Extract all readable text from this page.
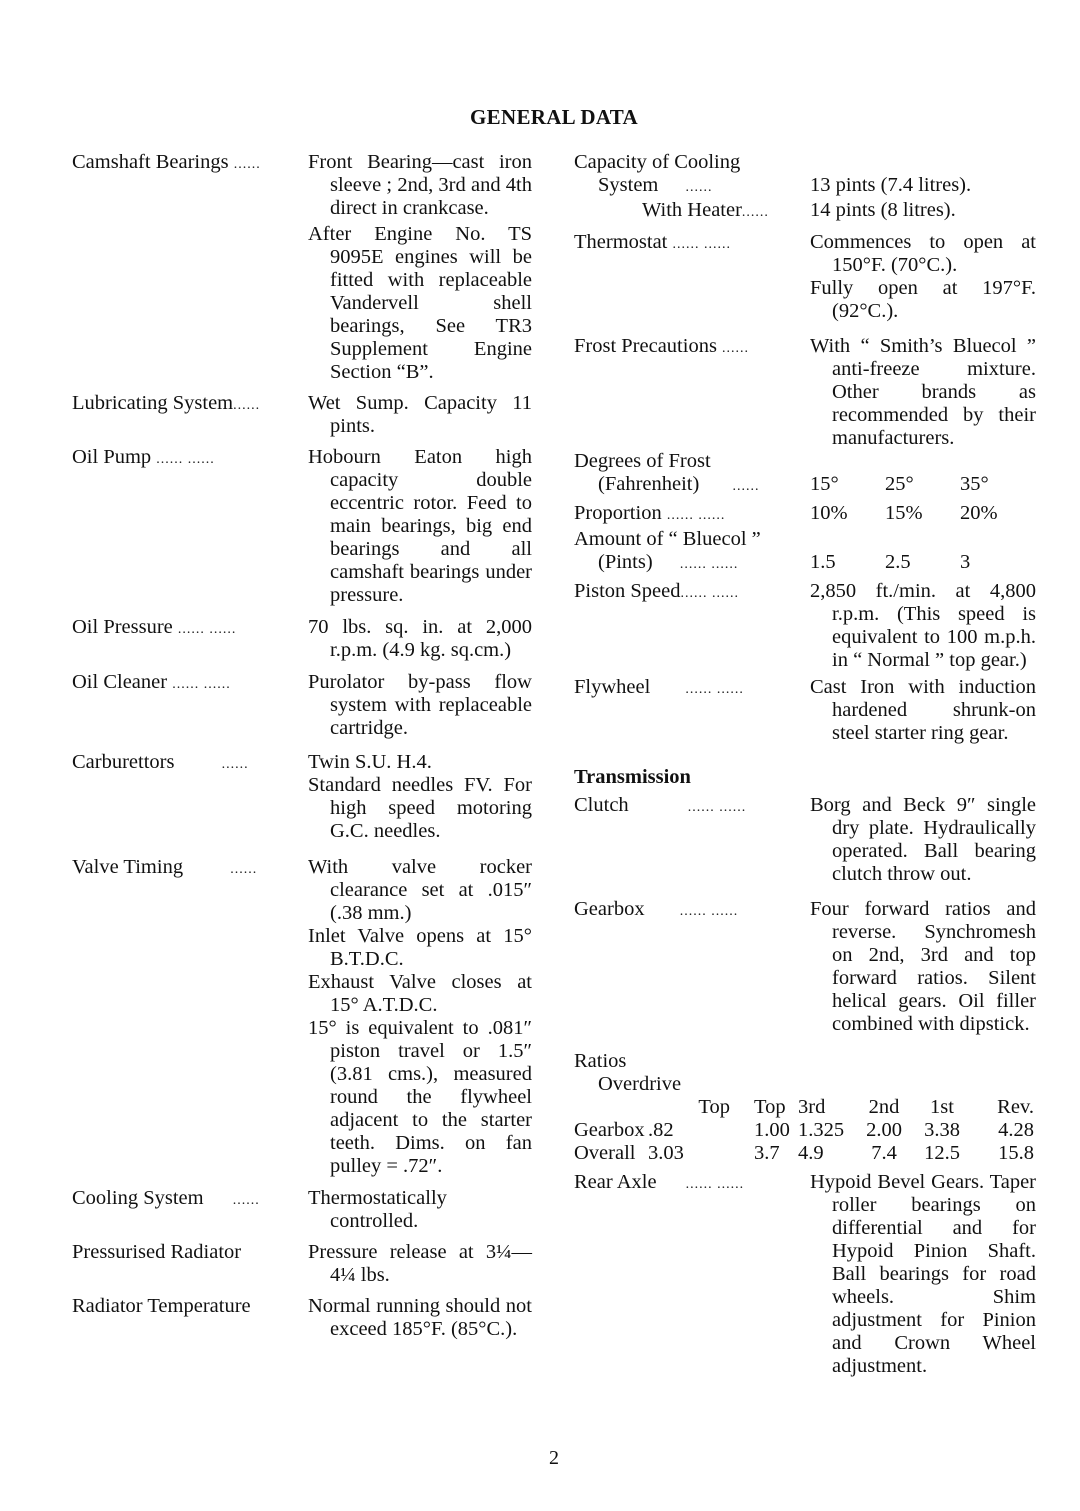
GENERAL DATA
Camshaft Bearings ......	Front Bearing—cast iron sleeve ; 2nd, 3rd and 4th direct in crankcase.

After Engine No. TS 9095E engines will be fitted with replaceable Vandervell shell bearings, See TR3 Supplement Engine Section “B”.

Lubricating System......	Wet Sump. Capacity 11 pints.

Oil Pump ...... ......	Hobourn Eaton high capacity double eccentric rotor. Feed to main bearings, big end bearings and all camshaft bearings under pressure.

Oil Pressure ...... ......	70 lbs. sq. in. at 2,000 r.p.m. (4.9 kg. sq.cm.)

Oil Cleaner ...... ......	Purolator by-pass flow system with replaceable cartridge.

Carburettors	......	Twin S.U. H.4.

Standard needles FV. For high speed motoring G.C. needles.

Valve Timing	......	With valve rocker clearance set at .015″ (.38 mm.)

Inlet Valve opens at 15° B.T.D.C.

Exhaust Valve closes at 15° A.T.D.C.

15° is equivalent to .081″ piston travel or 1.5″ (3.81 cms.), measured round the flywheel adjacent to the starter teeth. Dims. on fan pulley = .72″.

Cooling System ......	Thermostatically controlled.

Pressurised Radiator	Pressure release at 3¼—4¼ lbs.

Radiator Temperature	Normal running should not exceed 185°F. (85°C.).

Capacity of Cooling
System ......	13 pints (7.4 litres).
With Heater......	14 pints (8 litres).
Thermostat ...... ......	Commences to open at 150°F. (70°C.).

Fully open at 197°F. (92°C.).

Frost Precautions ......	With “ Smith’s Bluecol ” anti-freeze mixture. Other brands as recommended by their manufacturers.

Degrees of Frost
(Fahrenheit) ......	15°	25°	35°
Proportion ...... ......	10%	15%	20%
Amount of “ Bluecol ”
(Pints) ...... ......	1.5	2.5	3
Piston Speed...... ......	2,850 ft./min. at 4,800 r.p.m. (This speed is equivalent to 100 m.p.h. in “ Normal ” top gear.)

Flywheel	...... ......	Cast Iron with induction hardened shrunk-on steel starter ring gear.

Transmission
Clutch	...... ......	Borg and Beck 9″ single dry plate. Hydraulically operated. Ball bearing clutch throw out.

Gearbox	...... ......	Four forward ratios and reverse. Synchromesh on 2nd, 3rd and top forward ratios. Silent helical gears. Oil filler combined with dipstick.

Ratios
Overdrive
	Top	Top	3rd	2nd	1st	Rev.
Gearbox	.82	1.00	1.325	2.00	3.38	4.28
Overall	3.03	3.7	4.9	7.4	12.5	15.8
Rear Axle ...... ......	Hypoid Bevel Gears. Taper roller bearings on differential and for Hypoid Pinion Shaft. Ball bearings for road wheels. Shim adjustment for Pinion and Crown Wheel adjustment.

2
